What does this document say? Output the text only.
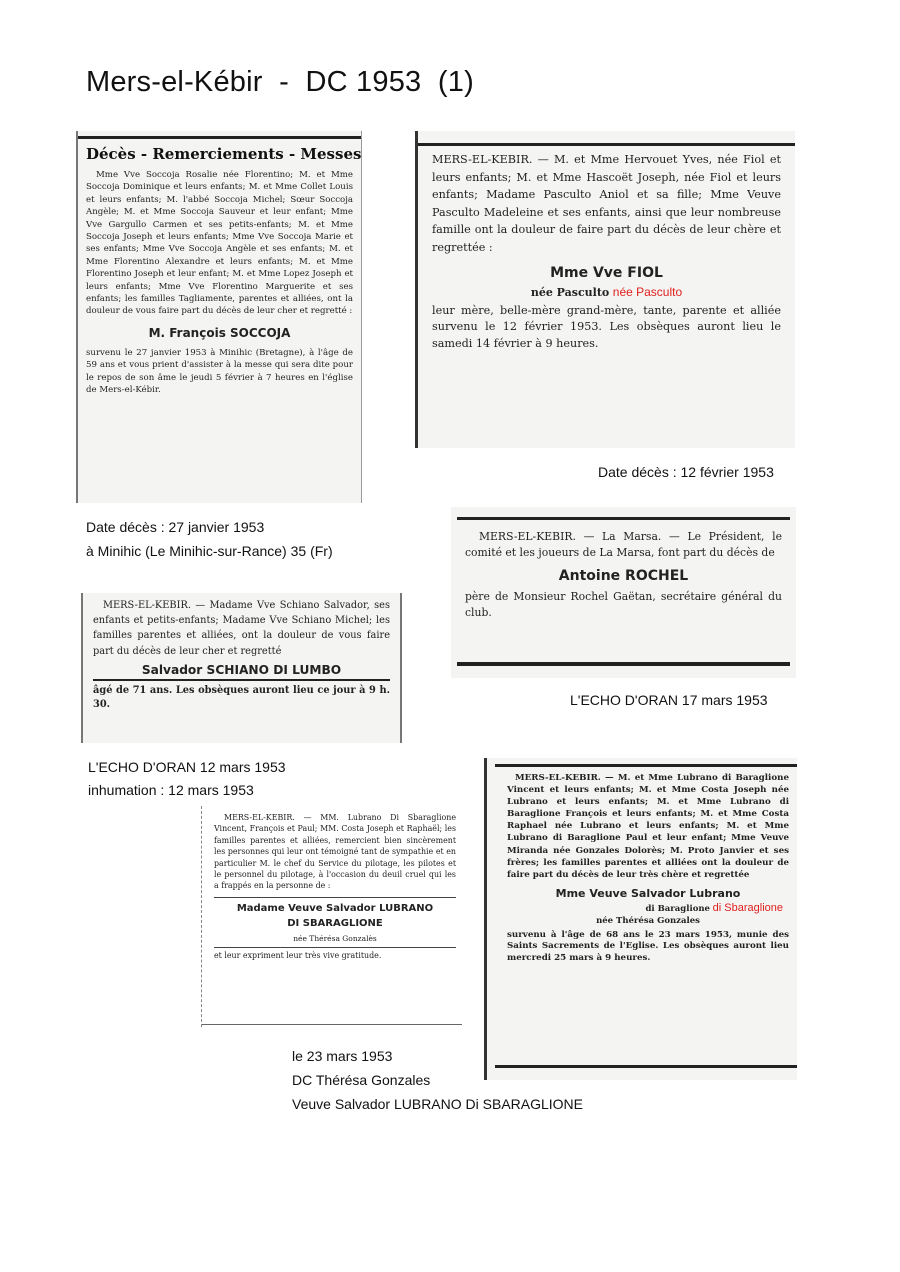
Mers-el-Kébir  -  DC 1953  (1)

Décès - Remerciements - Messes

Mme Vve Soccoja Rosalie née Florentino; M. et Mme Soccoja Dominique et leurs enfants; M. et Mme Collet Louis et leurs enfants; M. l'abbé Soccoja Michel; Sœur Soccoja Angèle; M. et Mme Soccoja Sauveur et leur enfant; Mme Vve Gargullo Carmen et ses petits-enfants; M. et Mme Soccoja Joseph et leurs enfants; Mme Vve Soccoja Marie et ses enfants; Mme Vve Soccoja Angèle et ses enfants; M. et Mme Florentino Alexandre et leurs enfants; M. et Mme Florentino Joseph et leur enfant; M. et Mme Lopez Joseph et leurs enfants; Mme Vve Florentino Marguerite et ses enfants; les familles Tagliamente, parentes et alliées, ont la douleur de vous faire part du décès de leur cher et regretté :

M. François SOCCOJA

survenu le 27 janvier 1953 à Minihic (Bretagne), à l'âge de 59 ans et vous prient d'assister à la messe qui sera dite pour le repos de son âme le jeudi 5 février à 7 heures en l'église de Mers-el-Kébir.

MERS-EL-KEBIR. — M. et Mme Hervouet Yves, née Fiol et leurs enfants; M. et Mme Hascoët Joseph, née Fiol et leurs enfants; Madame Pasculto Aniol et sa fille; Mme Veuve Pasculto Madeleine et ses enfants, ainsi que leur nombreuse famille ont la douleur de faire part du décès de leur chère et regrettée :

Mme Vve FIOL

née Pasculto née Pasculto

leur mère, belle-mère grand-mère, tante, parente et alliée survenu le 12 février 1953. Les obsèques auront lieu le samedi 14 février à 9 heures.

Date décès : 12 février 1953
Date décès : 27 janvier 1953
à Minihic (Le Minihic-sur-Rance) 35 (Fr)

MERS-EL-KEBIR. — La Marsa. — Le Président, le comité et les joueurs de La Marsa, font part du décès de

Antoine ROCHEL

père de Monsieur Rochel Gaëtan, secrétaire général du club.

L'ECHO D'ORAN 17 mars 1953

MERS-EL-KEBIR. — Madame Vve Schiano Salvador, ses enfants et petits-enfants; Madame Vve Schiano Michel; les familles parentes et alliées, ont la douleur de vous faire part du décès de leur cher et regretté

Salvador SCHIANO DI LUMBO

âgé de 71 ans. Les obsèques auront lieu ce jour à 9 h. 30.

L'ECHO D'ORAN 12 mars 1953
inhumation : 12 mars 1953

MERS-EL-KEBIR. — MM. Lubrano Di Sbaraglione Vincent, François et Paul; MM. Costa Joseph et Raphaël; les familles parentes et alliées, remercient bien sincèrement les personnes qui leur ont témoigné tant de sympathie et en particulier M. le chef du Service du pilotage, les pilotes et le personnel du pilotage, à l'occasion du deuil cruel qui les a frappés en la personne de :

Madame Veuve Salvador LUBRANO

DI SBARAGLIONE

née Thérésa Gonzalès

et leur expriment leur très vive gratitude.

MERS-EL-KEBIR. — M. et Mme Lubrano di Baraglione Vincent et leurs enfants; M. et Mme Costa Joseph née Lubrano et leurs enfants; M. et Mme Lubrano di Baraglione François et leurs enfants; M. et Mme Costa Raphael née Lubrano et leurs enfants; M. et Mme Lubrano di Baraglione Paul et leur enfant; Mme Veuve Miranda née Gonzales Dolorès; M. Proto Janvier et ses frères; les familles parentes et alliées ont la douleur de faire part du décès de leur très chère et regrettée

Mme Veuve Salvador Lubrano

di Baraglione di Sbaraglione

née Thérésa Gonzales

survenu à l'âge de 68 ans le 23 mars 1953, munie des Saints Sacrements de l'Eglise. Les obsèques auront lieu mercredi 25 mars à 9 heures.

le 23 mars 1953
DC Thérésa Gonzales
Veuve Salvador LUBRANO Di SBARAGLIONE
